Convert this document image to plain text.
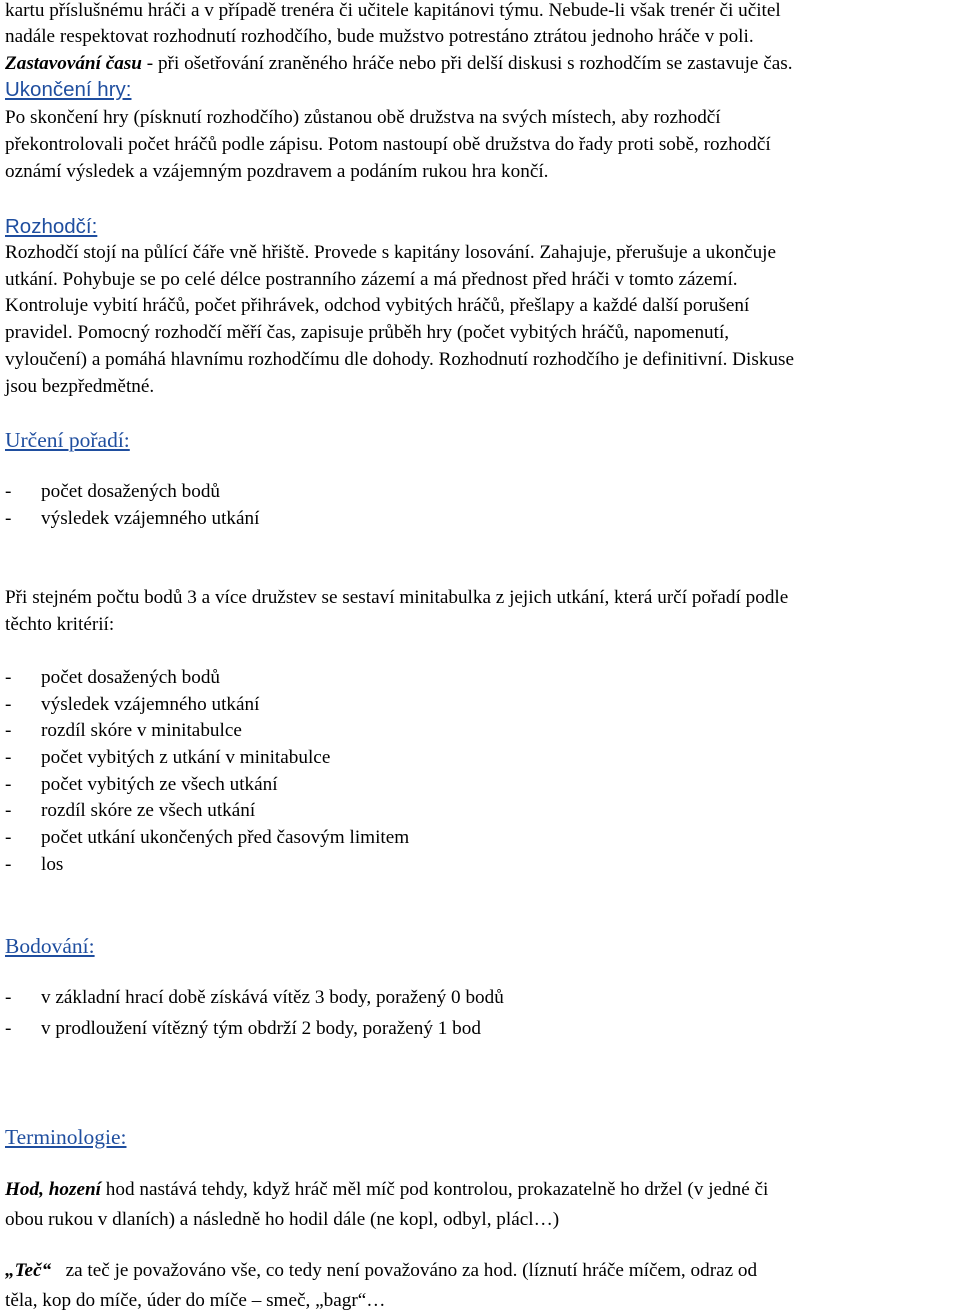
kartu příslušnému hráči a v případě trenéra či učitele kapitánovi týmu. Nebude-li však trenér či učitel
nadále respektovat rozhodnutí rozhodčího, bude mužstvo potrestáno ztrátou jednoho hráče v poli.
Zastavování času - při ošetřování zraněného hráče nebo při delší diskusi s rozhodčím se zastavuje čas.
Ukončení hry:
Po skončení hry (písknutí rozhodčího) zůstanou obě družstva na svých místech, aby rozhodčí
překontrolovali počet hráčů podle zápisu. Potom nastoupí obě družstva do řady proti sobě, rozhodčí
oznámí výsledek a vzájemným pozdravem a podáním rukou hra končí.
Rozhodčí:
Rozhodčí stojí na půlící čáře vně hřiště. Provede s kapitány losování. Zahajuje, přerušuje a ukončuje
utkání. Pohybuje se po celé délce postranního zázemí a má přednost před hráči v tomto zázemí.
Kontroluje vybití hráčů, počet přihrávek, odchod vybitých hráčů, přešlapy a každé další porušení
pravidel. Pomocný rozhodčí měří čas, zapisuje průběh hry (počet vybitých hráčů, napomenutí,
vyloučení) a pomáhá hlavnímu rozhodčímu dle dohody. Rozhodnutí rozhodčího je definitivní. Diskuse
jsou bezpředmětné.
Určení pořadí:
- počet dosažených bodů
- výsledek vzájemného utkání
Při stejném počtu bodů 3 a více družstev se sestaví minitabulka z jejich utkání, která určí pořadí podle
těchto kritérií:
- počet dosažených bodů
- výsledek vzájemného utkání
- rozdíl skóre v minitabulce
- počet vybitých z utkání v minitabulce
- počet vybitých ze všech utkání
- rozdíl skóre ze všech utkání
- počet utkání ukončených před časovým limitem
- los
Bodování:
- v základní hrací době získává vítěz 3 body, poražený 0 bodů
- v prodloužení vítězný tým obdrží 2 body, poražený 1 bod
Terminologie:
Hod, hození hod nastává tehdy, když hráč měl míč pod kontrolou, prokazatelně ho držel (v jedné či
obou rukou v dlaních) a následně ho hodil dále (ne kopl, odbyl, plácl…)
„Teč“   za teč je považováno vše, co tedy není považováno za hod. (líznutí hráče míčem, odraz od
těla, kop do míče, úder do míče – smeč, „bagr“…
